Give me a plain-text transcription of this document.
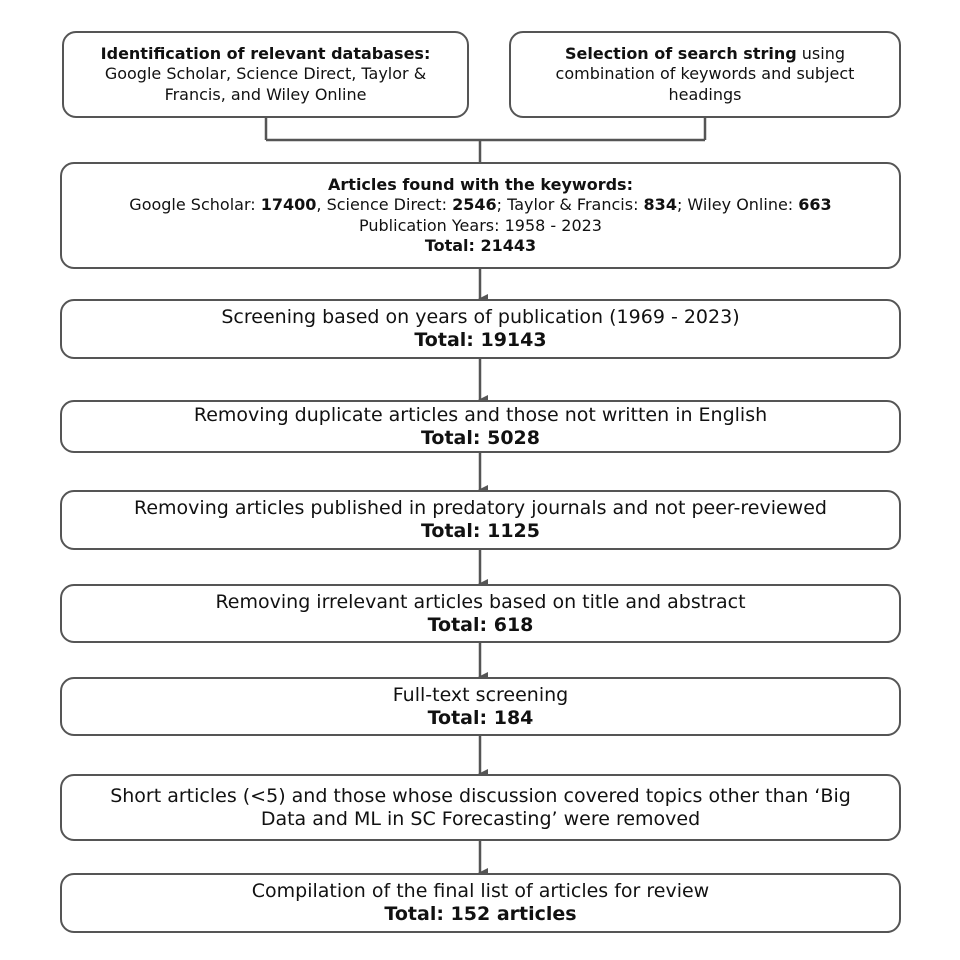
Identification of relevant databases:
Google Scholar, Science Direct, Taylor &
Francis, and Wiley Online
Selection of search string using
combination of keywords and subject
headings
Articles found with the keywords:
Google Scholar: 17400, Science Direct: 2546; Taylor & Francis: 834; Wiley Online: 663
Publication Years: 1958 - 2023
Total: 21443
Screening based on years of publication (1969 - 2023)
Total: 19143
Removing duplicate articles and those not written in English
Total: 5028
Removing articles published in predatory journals and not peer-reviewed
Total: 1125
Removing irrelevant articles based on title and abstract
Total: 618
Full-text screening
Total: 184
Short articles (<5) and those whose discussion covered topics other than ‘Big
Data and ML in SC Forecasting’ were removed
Compilation of the final list of articles for review
Total: 152 articles
